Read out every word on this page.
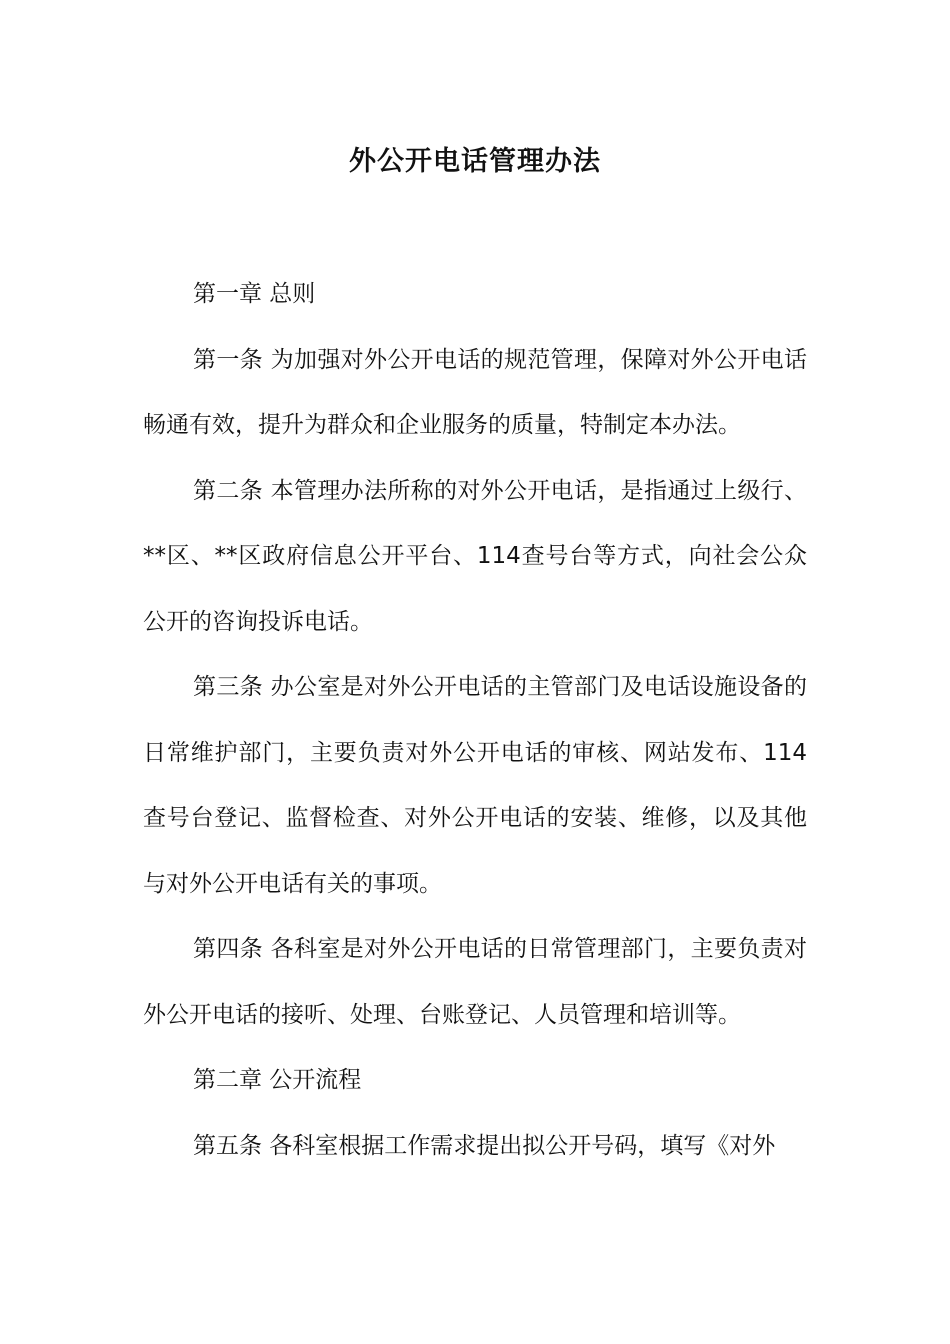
外公开电话管理办法

第一章 总则

第一条 为加强对外公开电话的规范管理，保障对外公开电话畅通有效，提升为群众和企业服务的质量，特制定本办法。

第二条 本管理办法所称的对外公开电话，是指通过上级行、**区、**区政府信息公开平台、114查号台等方式，向社会公众公开的咨询投诉电话。

第三条 办公室是对外公开电话的主管部门及电话设施设备的日常维护部门，主要负责对外公开电话的审核、网站发布、114查号台登记、监督检查、对外公开电话的安装、维修，以及其他与对外公开电话有关的事项。

第四条 各科室是对外公开电话的日常管理部门，主要负责对外公开电话的接听、处理、台账登记、人员管理和培训等。

第二章 公开流程

第五条 各科室根据工作需求提出拟公开号码，填写《对外
